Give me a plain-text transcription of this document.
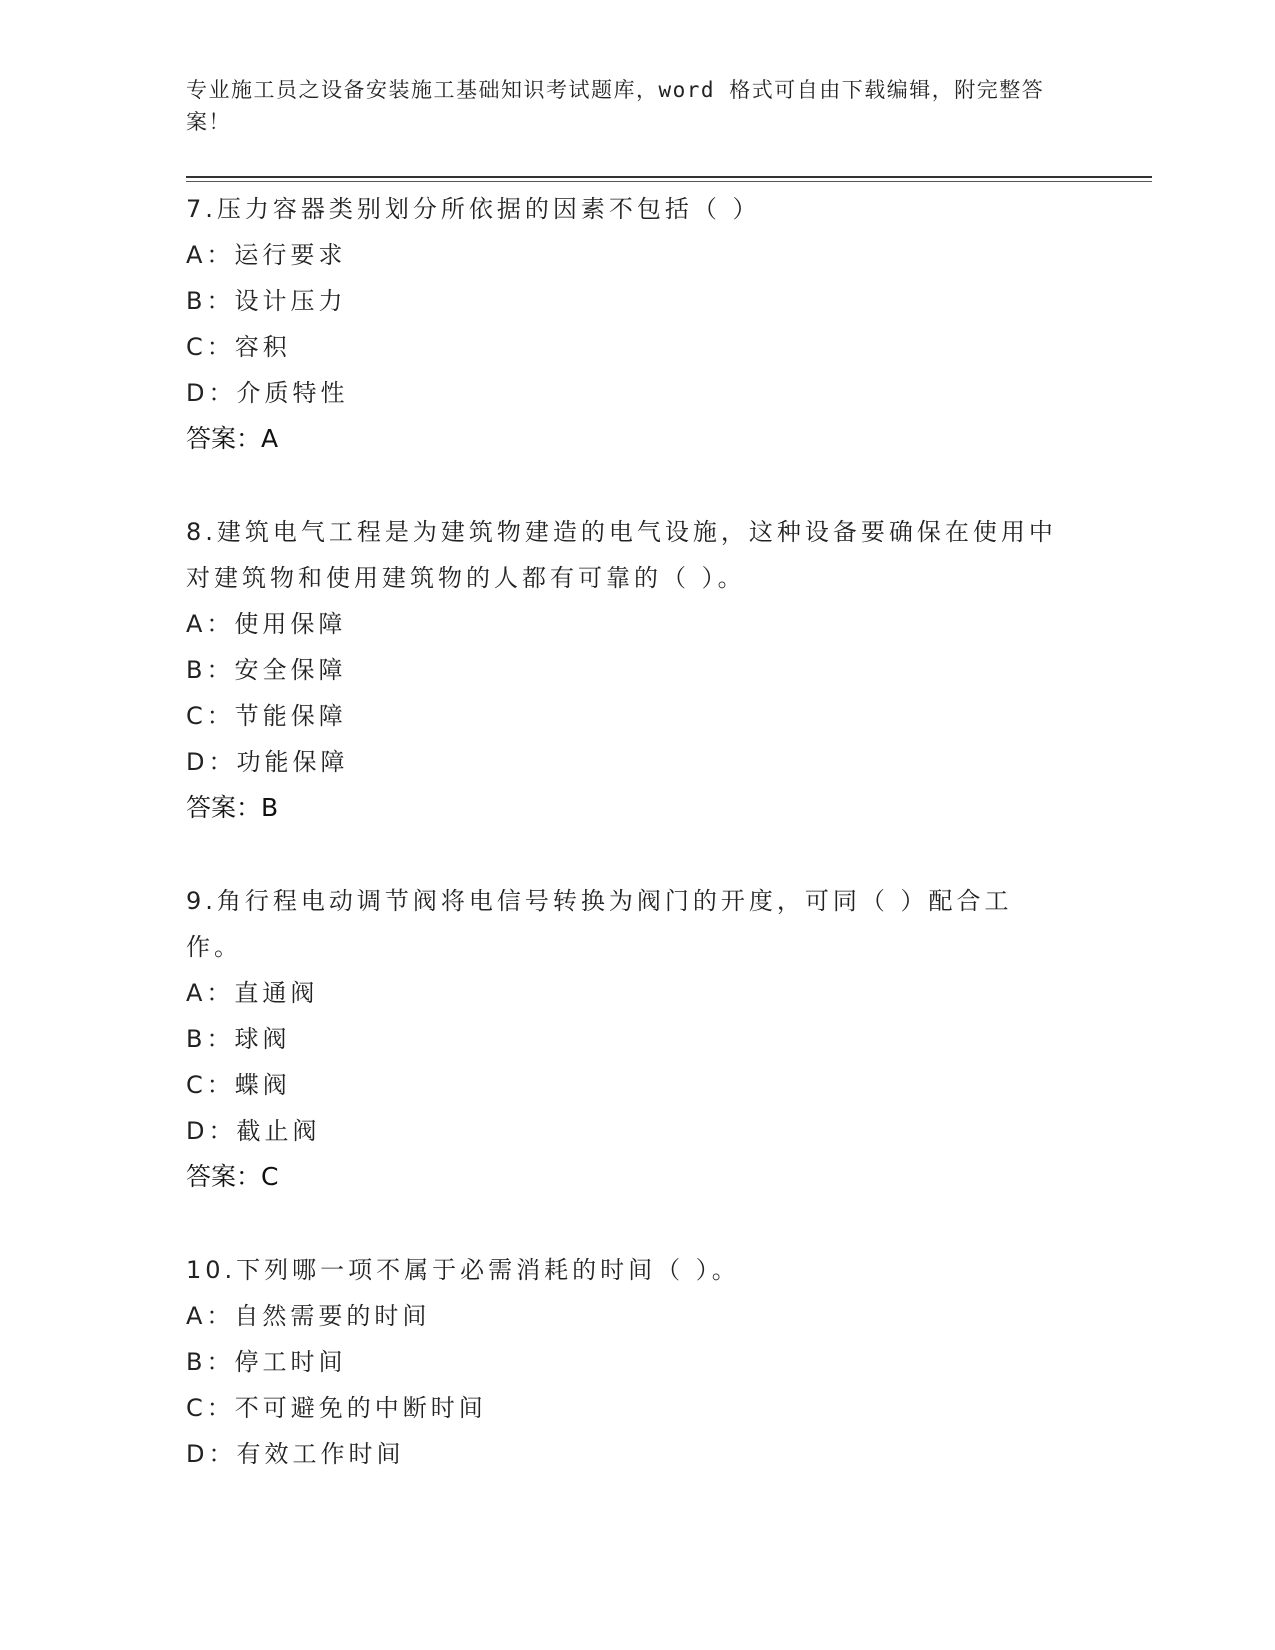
专业施工员之设备安装施工基础知识考试题库，word 格式可自由下载编辑，附完整答案！

7.压力容器类别划分所依据的因素不包括（ ）

A：运行要求

B：设计压力

C：容积

D：介质特性

答案：A

8.建筑电气工程是为建筑物建造的电气设施，这种设备要确保在使用中对建筑物和使用建筑物的人都有可靠的（ ）。

A：使用保障

B：安全保障

C：节能保障

D：功能保障

答案：B

9.角行程电动调节阀将电信号转换为阀门的开度，可同（ ）配合工作。

A：直通阀

B：球阀

C：蝶阀

D：截止阀

答案：C

10.下列哪一项不属于必需消耗的时间（ ）。

A：自然需要的时间

B：停工时间

C：不可避免的中断时间

D：有效工作时间
